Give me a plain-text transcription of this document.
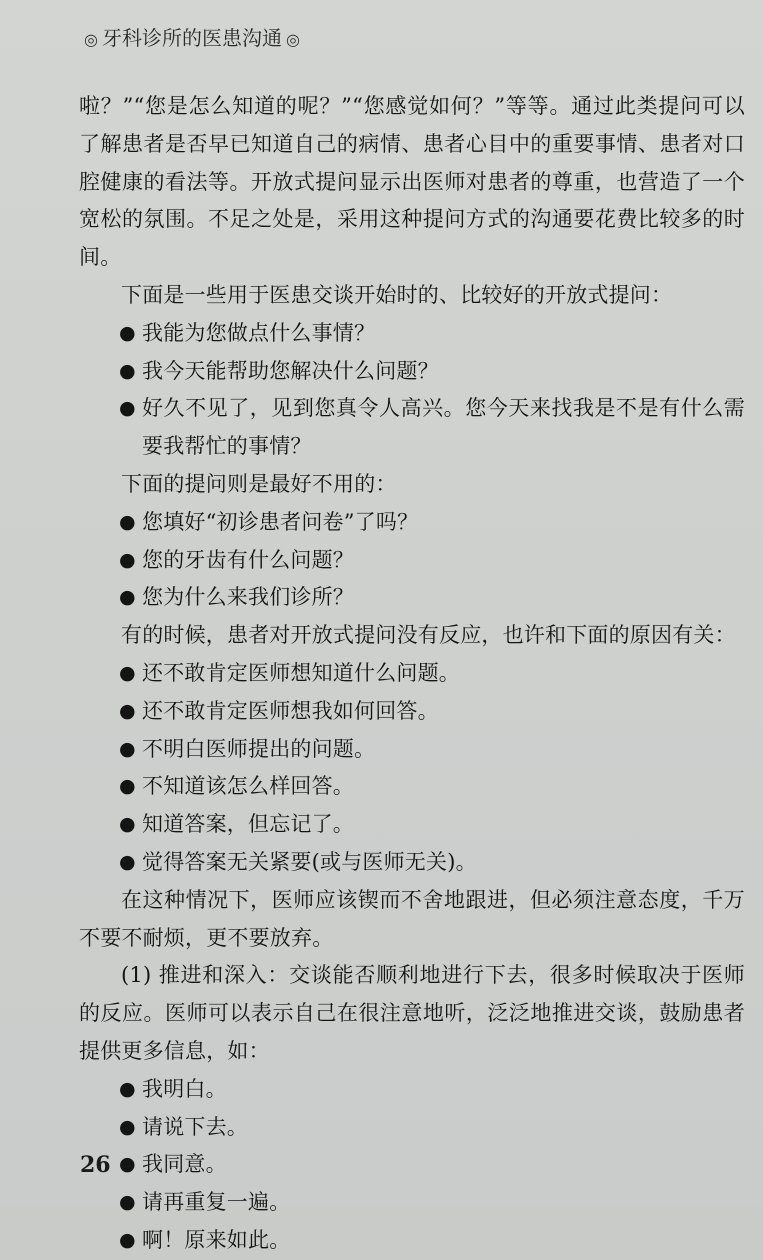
◎ 牙科诊所的医患沟通 ◎

啦？”“您是怎么知道的呢？”“您感觉如何？”等等。通过此类提问可以了解患者是否早已知道自己的病情、患者心目中的重要事情、患者对口腔健康的看法等。开放式提问显示出医师对患者的尊重，也营造了一个宽松的氛围。不足之处是，采用这种提问方式的沟通要花费比较多的时间。

下面是一些用于医患交谈开始时的、比较好的开放式提问：

● 我能为您做点什么事情？
● 我今天能帮助您解决什么问题？
● 好久不见了，见到您真令人高兴。您今天来找我是不是有什么需要我帮忙的事情？

下面的提问则是最好不用的：

● 您填好“初诊患者问卷”了吗？
● 您的牙齿有什么问题？
● 您为什么来我们诊所？

有的时候，患者对开放式提问没有反应，也许和下面的原因有关：

● 还不敢肯定医师想知道什么问题。
● 还不敢肯定医师想我如何回答。
● 不明白医师提出的问题。
● 不知道该怎么样回答。
● 知道答案，但忘记了。
● 觉得答案无关紧要(或与医师无关)。

在这种情况下，医师应该锲而不舍地跟进，但必须注意态度，千万不要不耐烦，更不要放弃。

(1) 推进和深入：交谈能否顺利地进行下去，很多时候取决于医师的反应。医师可以表示自己在很注意地听，泛泛地推进交谈，鼓励患者提供更多信息，如：

● 我明白。
● 请说下去。
● 我同意。
● 请再重复一遍。
● 啊！原来如此。
26
